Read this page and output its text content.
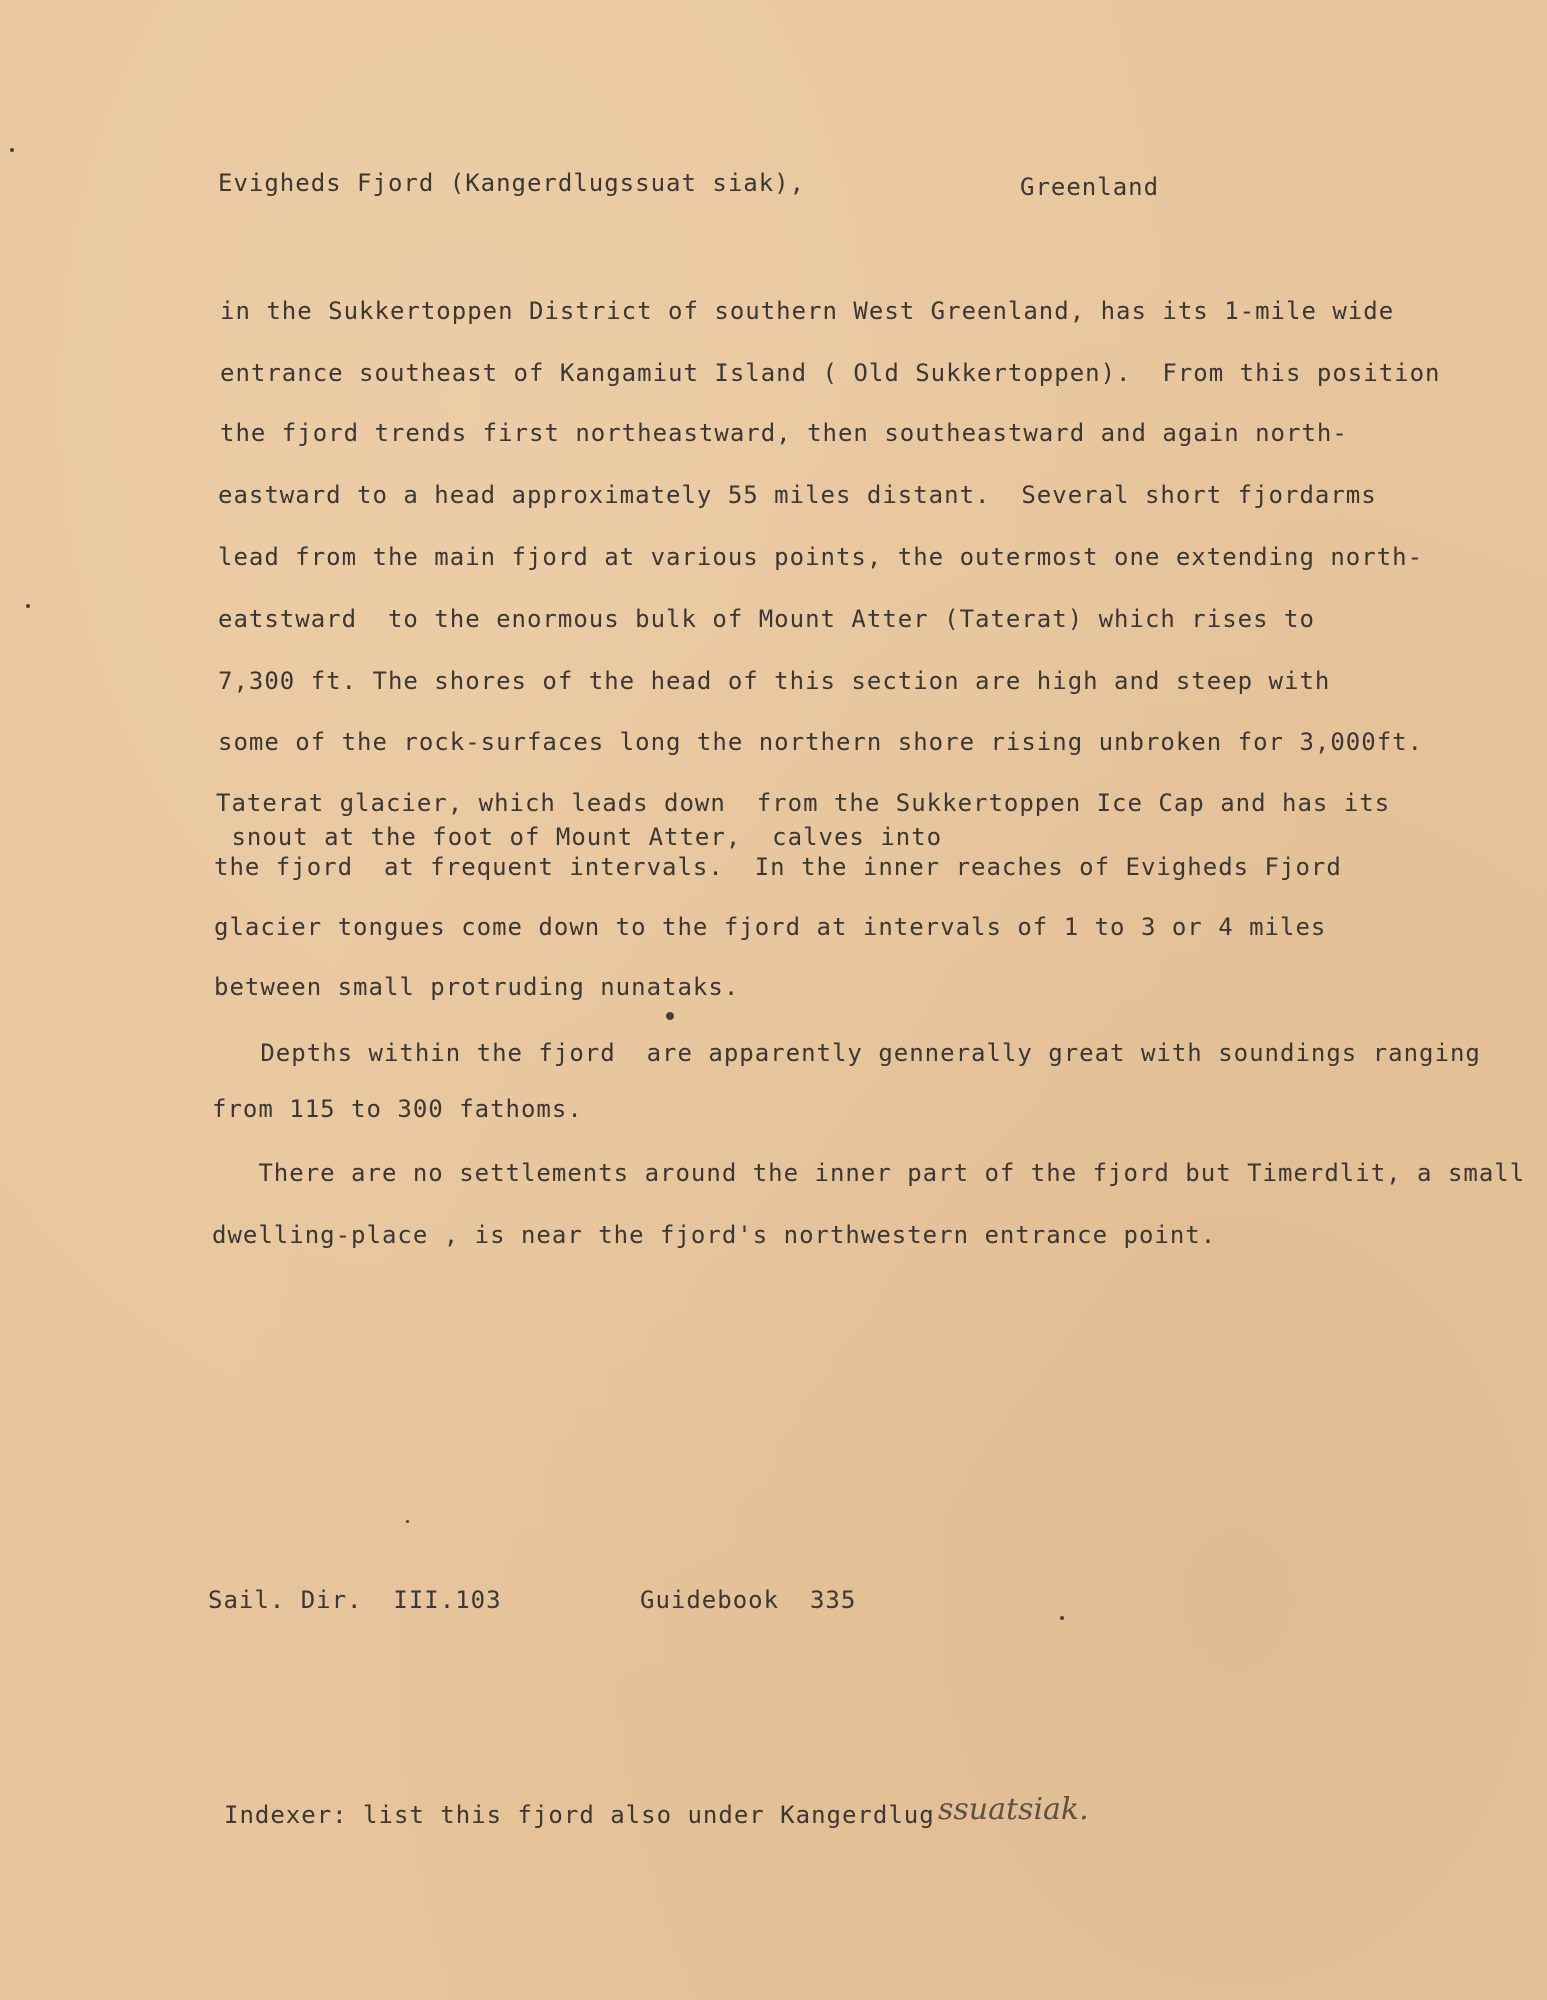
Evigheds Fjord (Kangerdlugssuat siak),	Greenland
in the Sukkertoppen District of southern West Greenland, has its 1-mile wide
entrance southeast of Kangamiut Island ( Old Sukkertoppen).  From this position
the fjord trends first northeastward, then southeastward and again north-
eastward to a head approximately 55 miles distant.  Several short fjordarms
lead from the main fjord at various points, the outermost one extending north-
eatstward  to the enormous bulk of Mount Atter (Taterat) which rises to
7,300 ft. The shores of the head of this section are high and steep with
some of the rock-surfaces long the northern shore rising unbroken for 3,000ft.
Taterat glacier, which leads down  from the Sukkertoppen Ice Cap and has its
snout at the foot of Mount Atter,  calves into
the fjord  at frequent intervals.  In the inner reaches of Evigheds Fjord
glacier tongues come down to the fjord at intervals of 1 to 3 or 4 miles
between small protruding nunataks.
Depths within the fjord  are apparently gennerally great with soundings ranging
from 115 to 300 fathoms.
There are no settlements around the inner part of the fjord but Timerdlit, a small
dwelling-place , is near the fjord's northwestern entrance point.
Sail. Dir.  III.103	Guidebook  335
Indexer: list this fjord also under Kangerdlug ssuatsiak.
